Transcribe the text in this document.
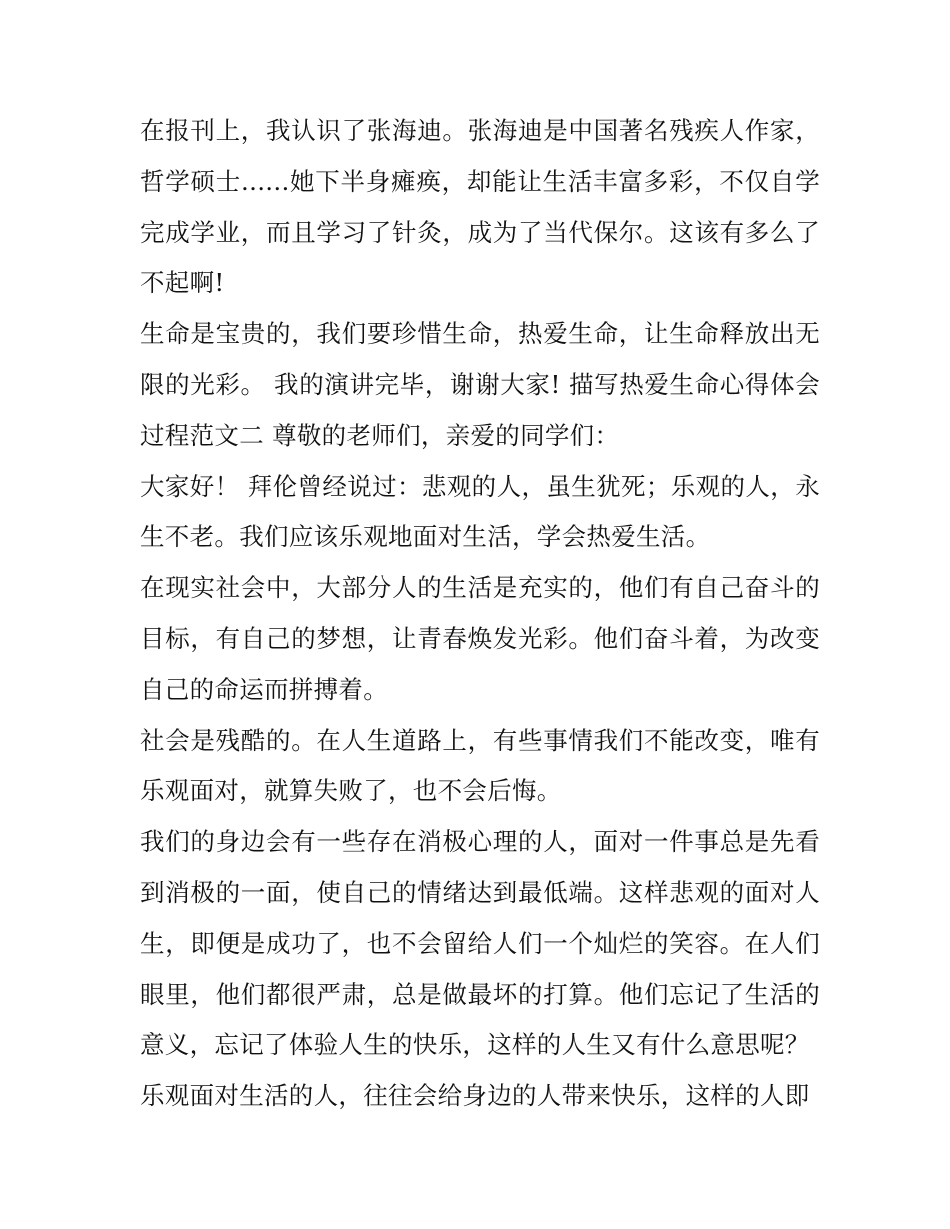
在报刊上，我认识了张海迪。张海迪是中国著名残疾人作家，哲学硕士......她下半身瘫痪，却能让生活丰富多彩，不仅自学完成学业，而且学习了针灸，成为了当代保尔。这该有多么了不起啊!

生命是宝贵的，我们要珍惜生命，热爱生命，让生命释放出无限的光彩。 我的演讲完毕，谢谢大家! 描写热爱生命心得体会过程范文二 尊敬的老师们，亲爱的同学们：

大家好！ 拜伦曾经说过：悲观的人，虽生犹死；乐观的人，永生不老。我们应该乐观地面对生活，学会热爱生活。

在现实社会中，大部分人的生活是充实的，他们有自己奋斗的目标，有自己的梦想，让青春焕发光彩。他们奋斗着，为改变自己的命运而拼搏着。

社会是残酷的。在人生道路上，有些事情我们不能改变，唯有乐观面对，就算失败了，也不会后悔。

我们的身边会有一些存在消极心理的人，面对一件事总是先看到消极的一面，使自己的情绪达到最低端。这样悲观的面对人生，即便是成功了，也不会留给人们一个灿烂的笑容。在人们眼里，他们都很严肃，总是做最坏的打算。他们忘记了生活的意义，忘记了体验人生的快乐，这样的人生又有什么意思呢？

乐观面对生活的人，往往会给身边的人带来快乐，这样的人即
